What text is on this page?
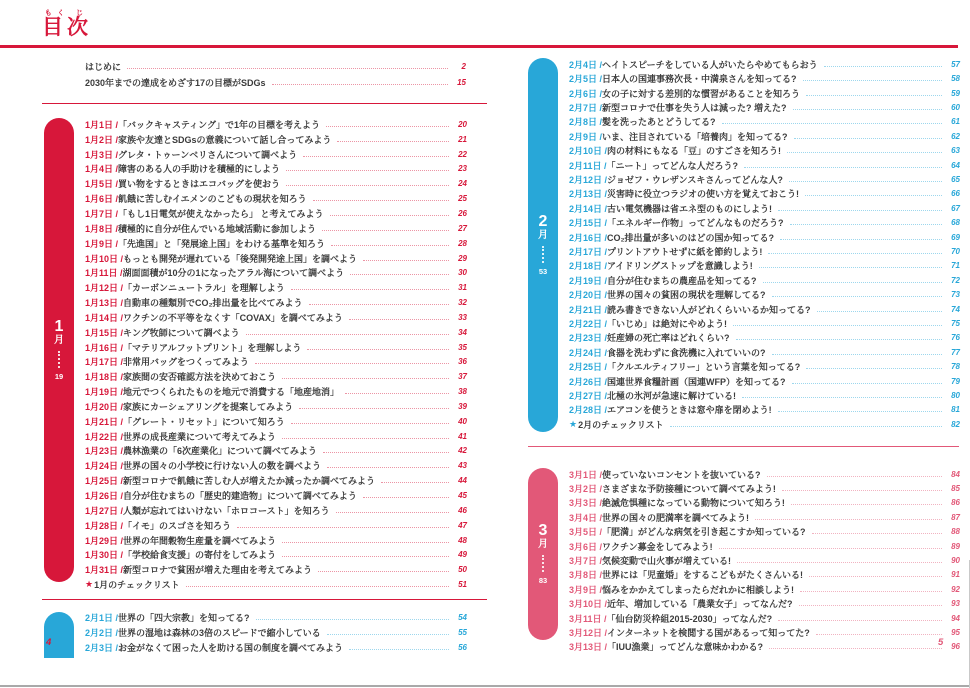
目もく次じ
はじめに	2
2030年までの達成をめざす17の目標がSDGs	15
1
月
19
1月1日 / 「バックキャスティング」で1年の目標を考えよう	20
1月2日 / 家族や友達とSDGsの意義について話し合ってみよう	21
1月3日 / グレタ・トゥーンベリさんについて調べよう	22
1月4日 / 障害のある人の手助けを積極的にしよう	23
1月5日 / 買い物をするときはエコバッグを使おう	24
1月6日 / 飢餓に苦しむイエメンのこどもの現状を知ろう	25
1月7日 / 「もし1日電気が使えなかったら」 と考えてみよう	26
1月8日 / 積極的に自分が住んでいる地域活動に参加しよう	27
1月9日 / 「先進国」と「発展途上国」をわける基準を知ろう	28
1月10日 / もっとも開発が遅れている「後発開発途上国」を調べよう	29
1月11日 / 湖面面積が10分の1になったアラル海について調べよう	30
1月12日 / 「カーボンニュートラル」を理解しよう	31
1月13日 / 自動車の種類別でCO₂排出量を比べてみよう	32
1月14日 / ワクチンの不平等をなくす「COVAX」を調べてみよう	33
1月15日 / キング牧師について調べよう	34
1月16日 / 「マテリアルフットプリント」を理解しよう	35
1月17日 / 非常用バッグをつくってみよう	36
1月18日 / 家族間の安否確認方法を決めておこう	37
1月19日 / 地元でつくられたものを地元で消費する「地産地消」	38
1月20日 / 家族にカーシェアリングを提案してみよう	39
1月21日 / 「グレート・リセット」について知ろう	40
1月22日 / 世界の成長産業について考えてみよう	41
1月23日 / 農林漁業の「6次産業化」について調べてみよう	42
1月24日 / 世界の国々の小学校に行けない人の数を調べよう	43
1月25日 / 新型コロナで飢餓に苦しむ人が増えたか減ったか調べてみよう	44
1月26日 / 自分が住むまちの「歴史的建造物」について調べてみよう	45
1月27日 / 人類が忘れてはいけない「ホロコースト」を知ろう	46
1月28日 / 「イモ」のスゴさを知ろう	47
1月29日 / 世界の年間穀物生産量を調べてみよう	48
1月30日 / 「学校給食支援」の寄付をしてみよう	49
1月31日 / 新型コロナで貧困が増えた理由を考えてみよう	50
★ 1月のチェックリスト	51
2月1日 / 世界の「四大宗教」を知ってる?	54
2月2日 / 世界の湿地は森林の3倍のスピードで縮小している	55
2月3日 / お金がなくて困った人を助ける国の制度を調べてみよう	56
2
月
53
2月4日 / ヘイトスピーチをしている人がいたらやめてもらおう	57
2月5日 / 日本人の国連事務次長・中満泉さんを知ってる?	58
2月6日 / 女の子に対する差別的な慣習があることを知ろう	59
2月7日 / 新型コロナで仕事を失う人は減った? 増えた?	60
2月8日 / 髪を洗ったあとどうしてる?	61
2月9日 / いま、注目されている「培養肉」を知ってる?	62
2月10日 / 肉の材料にもなる「豆」のすごさを知ろう!	63
2月11日 / 「ニート」ってどんな人だろう?	64
2月12日 / ジョゼフ・ウレザンスキさんってどんな人?	65
2月13日 / 災害時に役立つラジオの使い方を覚えておこう!	66
2月14日 / 古い電気機器は省エネ型のものにしよう!	67
2月15日 / 「エネルギー作物」ってどんなものだろう?	68
2月16日 / CO₂排出量が多いのはどの国か知ってる?	69
2月17日 / プリントアウトせずに紙を節約しよう!	70
2月18日 / アイドリングストップを意識しよう!	71
2月19日 / 自分が住むまちの農産品を知ってる?	72
2月20日 / 世界の国々の貧困の現状を理解してる?	73
2月21日 / 読み書きできない人がどれくらいいるか知ってる?	74
2月22日 / 「いじめ」は絶対にやめよう!	75
2月23日 / 妊産婦の死亡率はどれくらい?	76
2月24日 / 食器を洗わずに食洗機に入れていいの?	77
2月25日 / 「クルエルティフリー」という言葉を知ってる?	78
2月26日 / 国連世界食糧計画（国連WFP）を知ってる?	79
2月27日 / 北極の氷河が急速に解けている!	80
2月28日 / エアコンを使うときは窓や扉を閉めよう!	81
★ 2月のチェックリスト	82
3
月
83
3月1日 / 使っていないコンセントを抜いている?	84
3月2日 / さまざまな予防接種について調べてみよう!	85
3月3日 / 絶滅危惧種になっている動物について知ろう!	86
3月4日 / 世界の国々の肥満率を調べてみよう!	87
3月5日 / 「肥満」がどんな病気を引き起こすか知っている?	88
3月6日 / ワクチン募金をしてみよう!	89
3月7日 / 気候変動で山火事が増えている!	90
3月8日 / 世界には「児童婚」をするこどもがたくさんいる!	91
3月9日 / 悩みをかかえてしまったらだれかに相談しよう!	92
3月10日 / 近年、増加している「農業女子」ってなんだ?	93
3月11日 / 「仙台防災枠組2015-2030」ってなんだ?	94
3月12日 / インターネットを検閲する国があるって知ってた?	95
3月13日 / 「IUU漁業」ってどんな意味かわかる?	96
4	5
